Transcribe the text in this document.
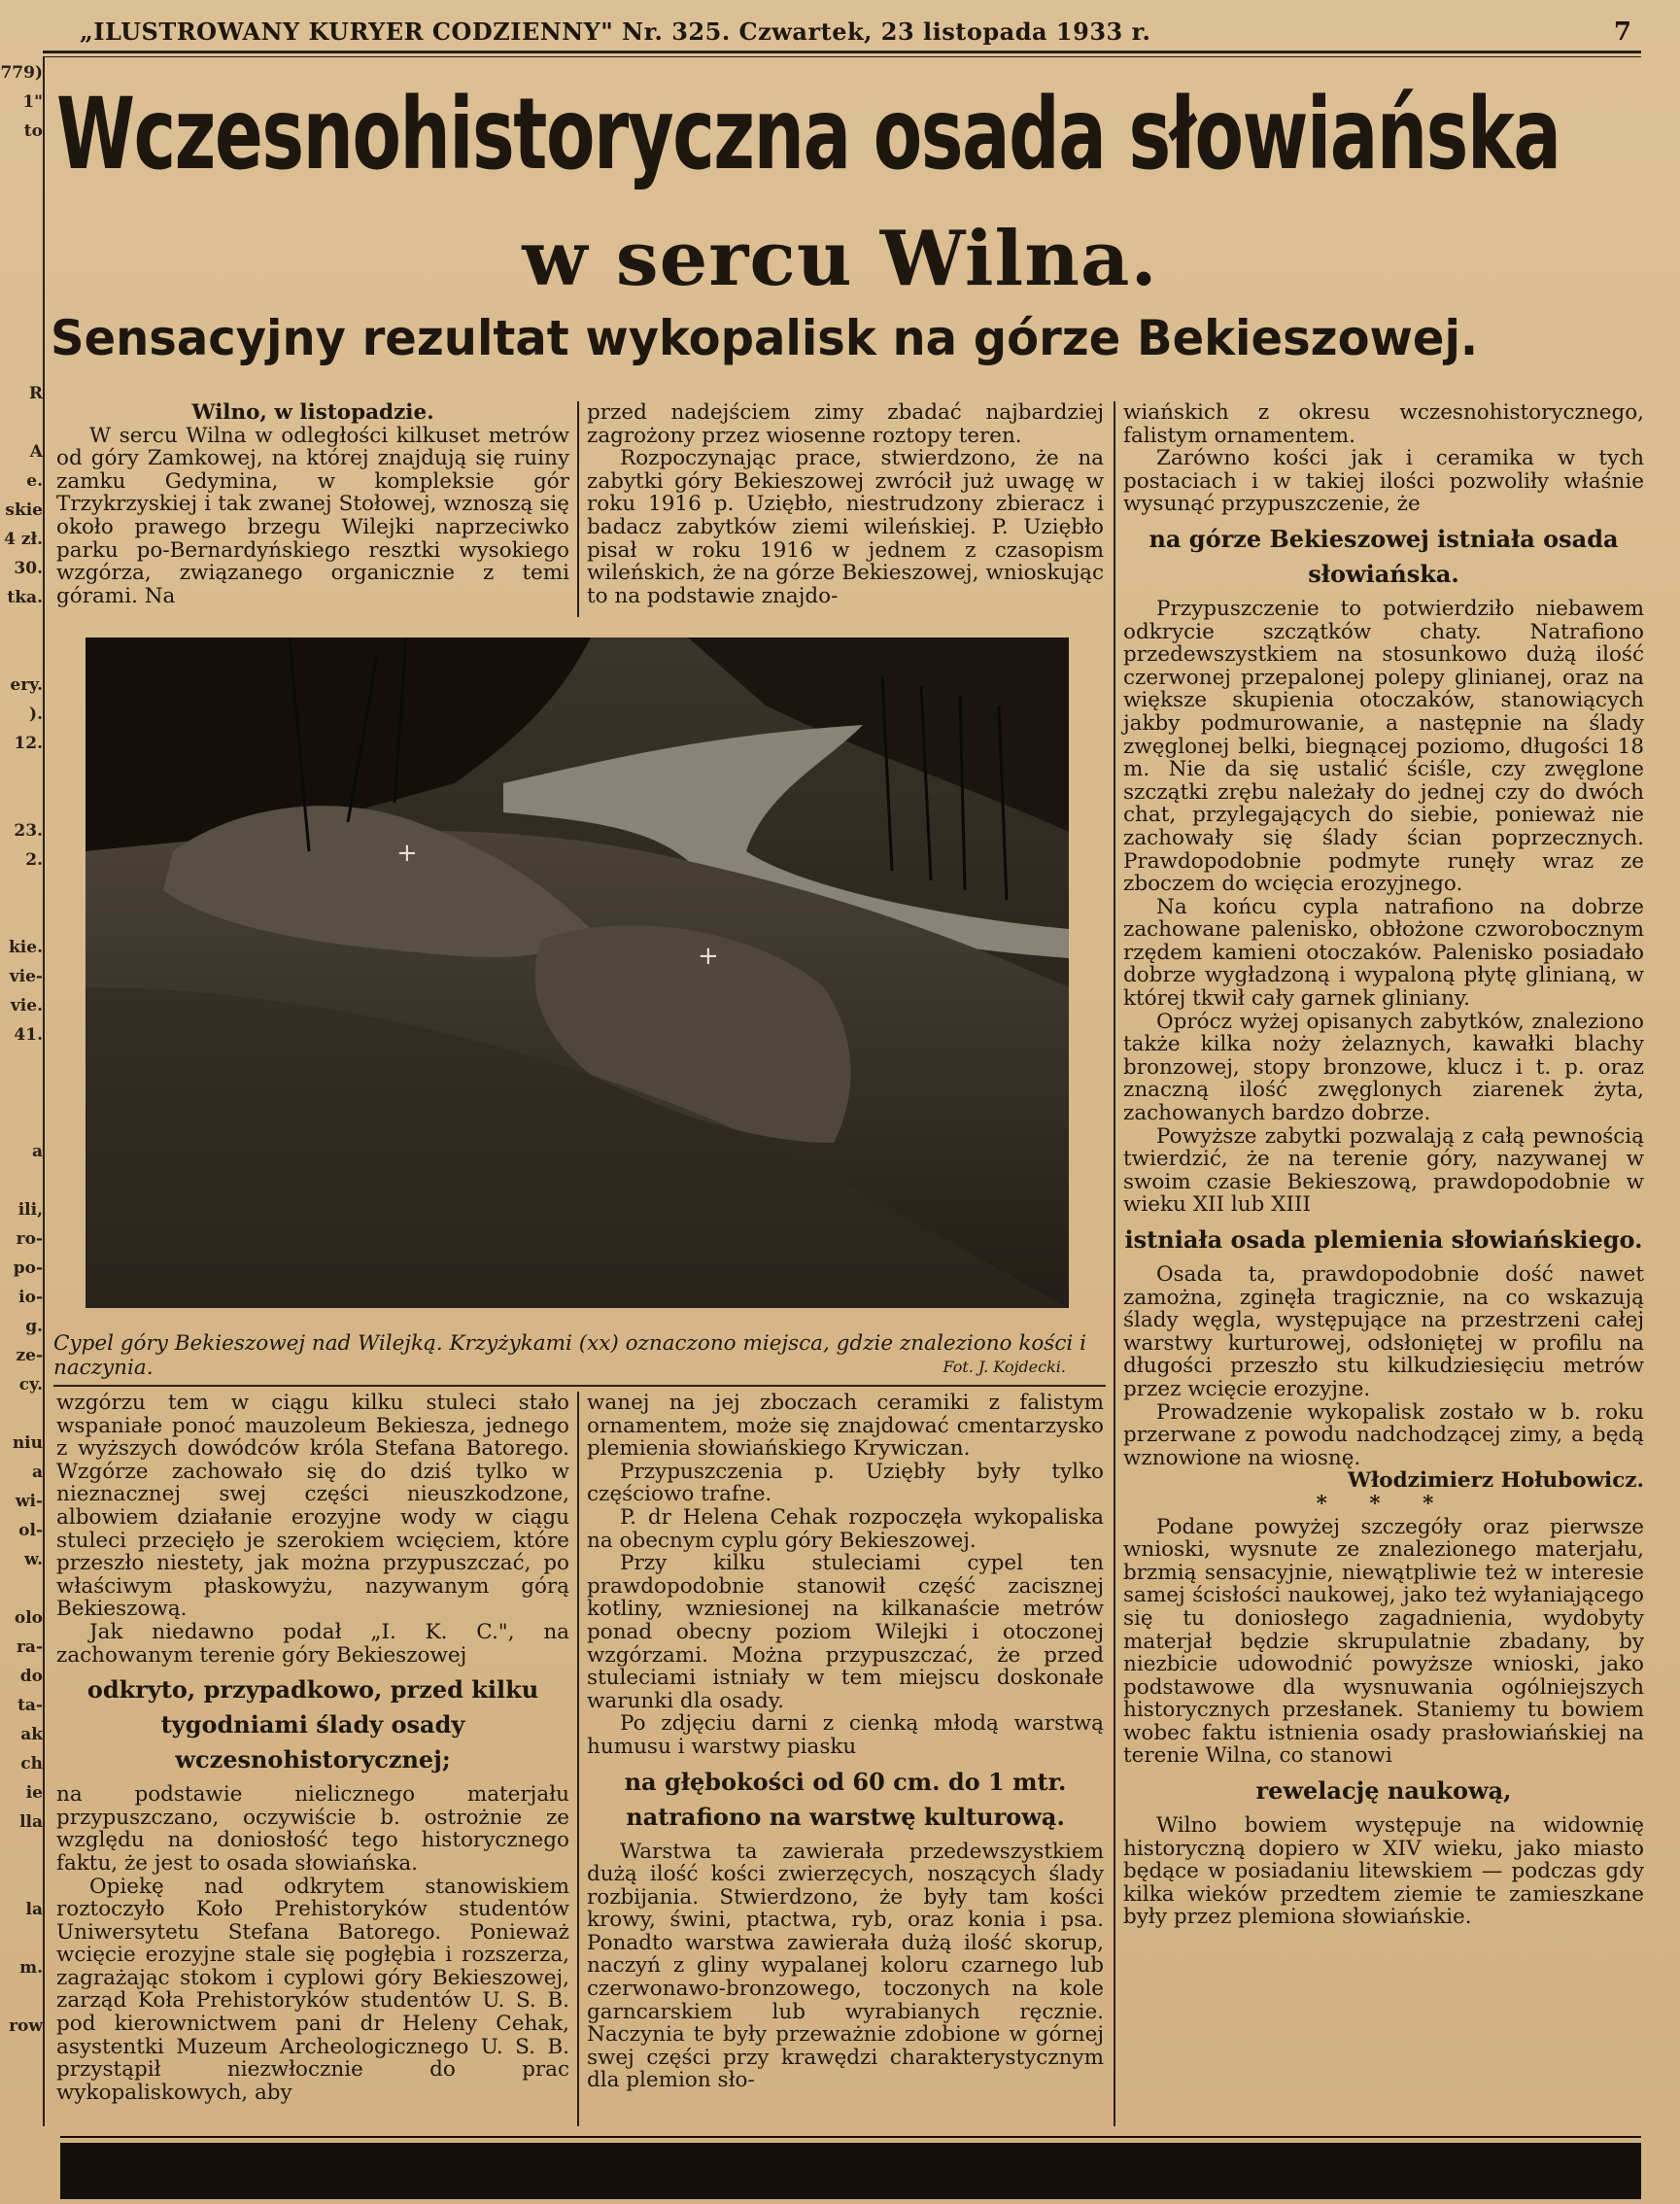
779)
1"
to

R

A
e.
skie
4 zł.
30.
tka.

ery.
).
12.

23.
2.

kie.
vie-
vie.
41.

a

ili,
ro-
po-
io-
g.
ze-
cy.

niu
a
wi-
ol-
w.

olo
ra-
do
ta-
ak
ch
ie
lla

la

m.

row
„ILUSTROWANY KURYER CODZIENNY" Nr. 325. Czwartek, 23 listopada 1933 r.	7
Wczesnohistoryczna osada słowiańska
w sercu Wilna.
Sensacyjny rezultat wykopalisk na górze Bekieszowej.

Wilno, w listopadzie.

W sercu Wilna w odległości kilkuset metrów od góry Zamkowej, na której znajdują się ruiny zamku Gedymina, w kompleksie gór Trzykrzyskiej i tak zwanej Stołowej, wznoszą się około prawego brzegu Wilejki naprzeciwko parku po-Bernardyńskiego resztki wysokiego wzgórza, związanego organicznie z temi górami. Na

przed nadejściem zimy zbadać najbardziej zagrożony przez wiosenne roztopy teren.

Rozpoczynając prace, stwierdzono, że na zabytki góry Bekieszowej zwrócił już uwagę w roku 1916 p. Uziębło, niestrudzony zbieracz i badacz zabytków ziemi wileńskiej. P. Uziębło pisał w roku 1916 w jednem z czasopism wileńskich, że na górze Bekieszowej, wnioskując to na podstawie znajdo-

+
+
Cypel góry Bekieszowej nad Wilejką. Krzyżykami (xx) oznaczono miejsca, gdzie znaleziono kości i naczynia.	Fot. J. Kojdecki.

wzgórzu tem w ciągu kilku stuleci stało wspaniałe ponoć mauzoleum Bekiesza, jednego z wyższych dowódców króla Stefana Batorego. Wzgórze zachowało się do dziś tylko w nieznacznej swej części nieuszkodzone, albowiem działanie erozyjne wody w ciągu stuleci przecięło je szerokiem wcięciem, które przeszło niestety, jak można przypuszczać, po właściwym płaskowyżu, nazywanym górą Bekieszową.

Jak niedawno podał „I. K. C.", na zachowanym terenie góry Bekieszowej

odkryto, przypadkowo, przed kilku tygodniami ślady osady wczesnohistorycznej;

na podstawie nielicznego materjału przypuszczano, oczywiście b. ostrożnie ze względu na doniosłość tego historycznego faktu, że jest to osada słowiańska.

Opiekę nad odkrytem stanowiskiem roztoczyło Koło Prehistoryków studentów Uniwersytetu Stefana Batorego. Ponieważ wcięcie erozyjne stale się pogłębia i rozszerza, zagrażając stokom i cyplowi góry Bekieszowej, zarząd Koła Prehistoryków studentów U. S. B. pod kierownictwem pani dr Heleny Cehak, asystentki Muzeum Archeologicznego U. S. B. przystąpił niezwłocznie do prac wykopaliskowych, aby

wanej na jej zboczach ceramiki z falistym ornamentem, może się znajdować cmentarzysko plemienia słowiańskiego Krywiczan.

Przypuszczenia p. Uziębły były tylko częściowo trafne.

P. dr Helena Cehak rozpoczęła wykopaliska na obecnym cyplu góry Bekieszowej.

Przy kilku stuleciami cypel ten prawdopodobnie stanowił część zacisznej kotliny, wzniesionej na kilkanaście metrów ponad obecny poziom Wilejki i otoczonej wzgórzami. Można przypuszczać, że przed stuleciami istniały w tem miejscu doskonałe warunki dla osady.

Po zdjęciu darni z cienką młodą warstwą humusu i warstwy piasku

na głębokości od 60 cm. do 1 mtr. natrafiono na warstwę kulturową.

Warstwa ta zawierała przedewszystkiem dużą ilość kości zwierzęcych, noszących ślady rozbijania. Stwierdzono, że były tam kości krowy, świni, ptactwa, ryb, oraz konia i psa. Ponadto warstwa zawierała dużą ilość skorup, naczyń z gliny wypalanej koloru czarnego lub czerwonawo-bronzowego, toczonych na kole garncarskiem lub wyrabianych ręcznie. Naczynia te były przeważnie zdobione w górnej swej części przy krawędzi charakterystycznym dla plemion sło-

wiańskich z okresu wczesnohistorycznego, falistym ornamentem.

Zarówno kości jak i ceramika w tych postaciach i w takiej ilości pozwoliły właśnie wysunąć przypuszczenie, że

na górze Bekieszowej istniała osada słowiańska.

Przypuszczenie to potwierdziło niebawem odkrycie szczątków chaty. Natrafiono przedewszystkiem na stosunkowo dużą ilość czerwonej przepalonej polepy glinianej, oraz na większe skupienia otoczaków, stanowiących jakby podmurowanie, a następnie na ślady zwęglonej belki, biegnącej poziomo, długości 18 m. Nie da się ustalić ściśle, czy zwęglone szczątki zrębu należały do jednej czy do dwóch chat, przylegających do siebie, ponieważ nie zachowały się ślady ścian poprzecznych. Prawdopodobnie podmyte runęły wraz ze zboczem do wcięcia erozyjnego.

Na końcu cypla natrafiono na dobrze zachowane palenisko, obłożone czworobocznym rzędem kamieni otoczaków. Palenisko posiadało dobrze wygładzoną i wypaloną płytę glinianą, w której tkwił cały garnek gliniany.

Oprócz wyżej opisanych zabytków, znaleziono także kilka noży żelaznych, kawałki blachy bronzowej, stopy bronzowe, klucz i t. p. oraz znaczną ilość zwęglonych ziarenek żyta, zachowanych bardzo dobrze.

Powyższe zabytki pozwalają z całą pewnością twierdzić, że na terenie góry, nazywanej w swoim czasie Bekieszową, prawdopodobnie w wieku XII lub XIII

istniała osada plemienia słowiańskiego.

Osada ta, prawdopodobnie dość nawet zamożna, zginęła tragicznie, na co wskazują ślady węgla, występujące na przestrzeni całej warstwy kurturowej, odsłoniętej w profilu na długości przeszło stu kilkudziesięciu metrów przez wcięcie erozyjne.

Prowadzenie wykopalisk zostało w b. roku przerwane z powodu nadchodzącej zimy, a będą wznowione na wiosnę.

Włodzimierz Hołubowicz.

* * *

Podane powyżej szczegóły oraz pierwsze wnioski, wysnute ze znalezionego materjału, brzmią sensacyjnie, niewątpliwie też w interesie samej ścisłości naukowej, jako też wyłaniającego się tu doniosłego zagadnienia, wydobyty materjał będzie skrupulatnie zbadany, by niezbicie udowodnić powyższe wnioski, jako podstawowe dla wysnuwania ogólniejszych historycznych przesłanek. Staniemy tu bowiem wobec faktu istnienia osady prasłowiańskiej na terenie Wilna, co stanowi

rewelację naukową,

Wilno bowiem występuje na widownię historyczną dopiero w XIV wieku, jako miasto będące w posiadaniu litewskiem — podczas gdy kilka wieków przedtem ziemie te zamieszkane były przez plemiona słowiańskie.
